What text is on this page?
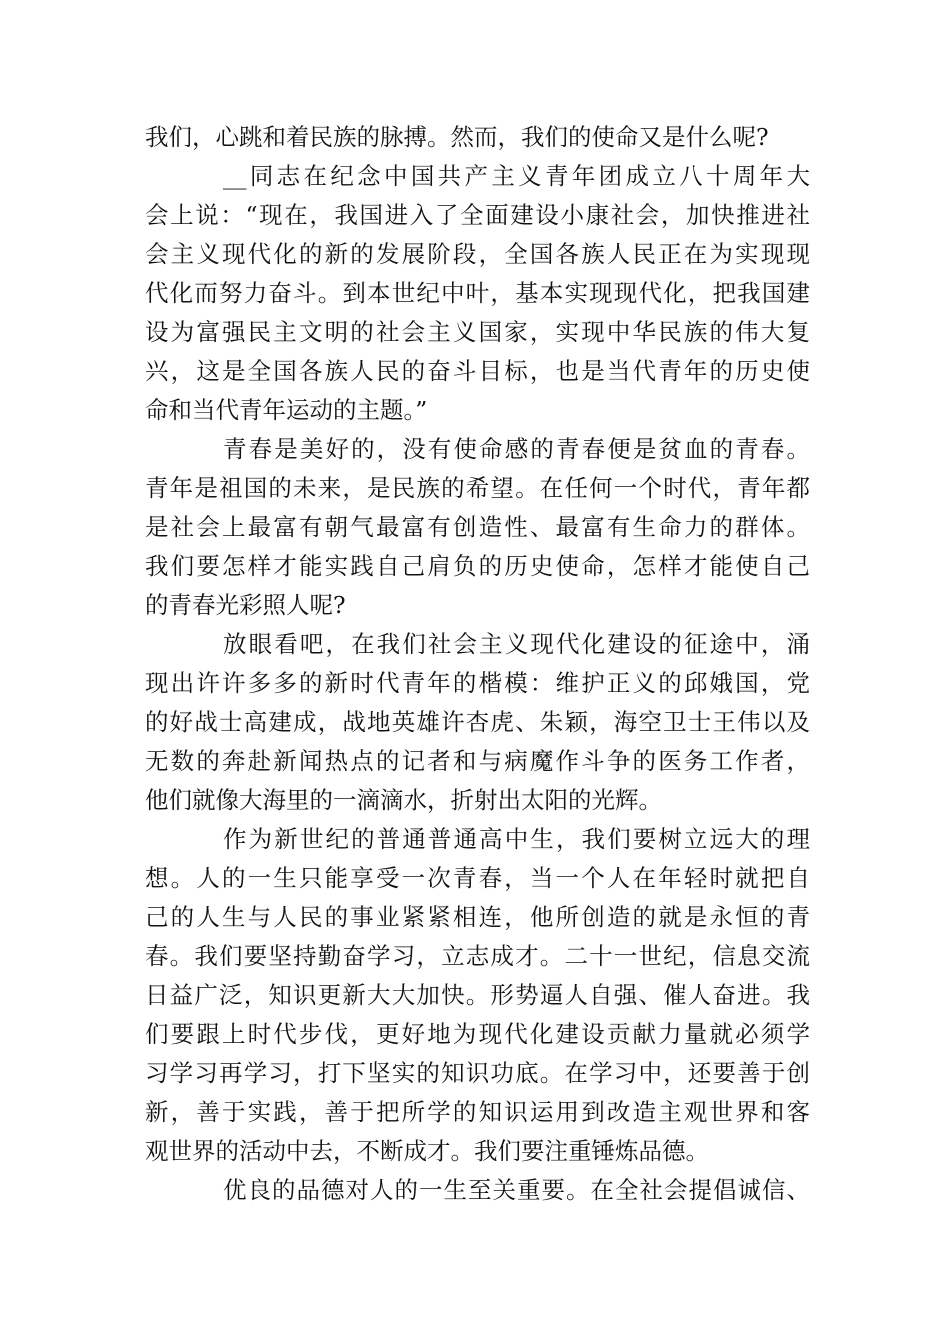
我们，心跳和着民族的脉搏。然而，我们的使命又是什么呢?
__同志在纪念中国共产主义青年团成立八十周年大
会上说：“现在，我国进入了全面建设小康社会，加快推进社
会主义现代化的新的发展阶段，全国各族人民正在为实现现
代化而努力奋斗。到本世纪中叶，基本实现现代化，把我国建
设为富强民主文明的社会主义国家，实现中华民族的伟大复
兴，这是全国各族人民的奋斗目标，也是当代青年的历史使
命和当代青年运动的主题。”
青春是美好的，没有使命感的青春便是贫血的青春。
青年是祖国的未来，是民族的希望。在任何一个时代，青年都
是社会上最富有朝气最富有创造性、最富有生命力的群体。
我们要怎样才能实践自己肩负的历史使命，怎样才能使自己
的青春光彩照人呢?
放眼看吧，在我们社会主义现代化建设的征途中，涌
现出许许多多的新时代青年的楷模：维护正义的邱娥国，党
的好战士高建成，战地英雄许杏虎、朱颖，海空卫士王伟以及
无数的奔赴新闻热点的记者和与病魔作斗争的医务工作者，
他们就像大海里的一滴滴水，折射出太阳的光辉。
作为新世纪的普通普通高中生，我们要树立远大的理
想。人的一生只能享受一次青春，当一个人在年轻时就把自
己的人生与人民的事业紧紧相连，他所创造的就是永恒的青
春。我们要坚持勤奋学习，立志成才。二十一世纪，信息交流
日益广泛，知识更新大大加快。形势逼人自强、催人奋进。我
们要跟上时代步伐，更好地为现代化建设贡献力量就必须学
习学习再学习，打下坚实的知识功底。在学习中，还要善于创
新，善于实践，善于把所学的知识运用到改造主观世界和客
观世界的活动中去，不断成才。我们要注重锤炼品德。
优良的品德对人的一生至关重要。在全社会提倡诚信、
